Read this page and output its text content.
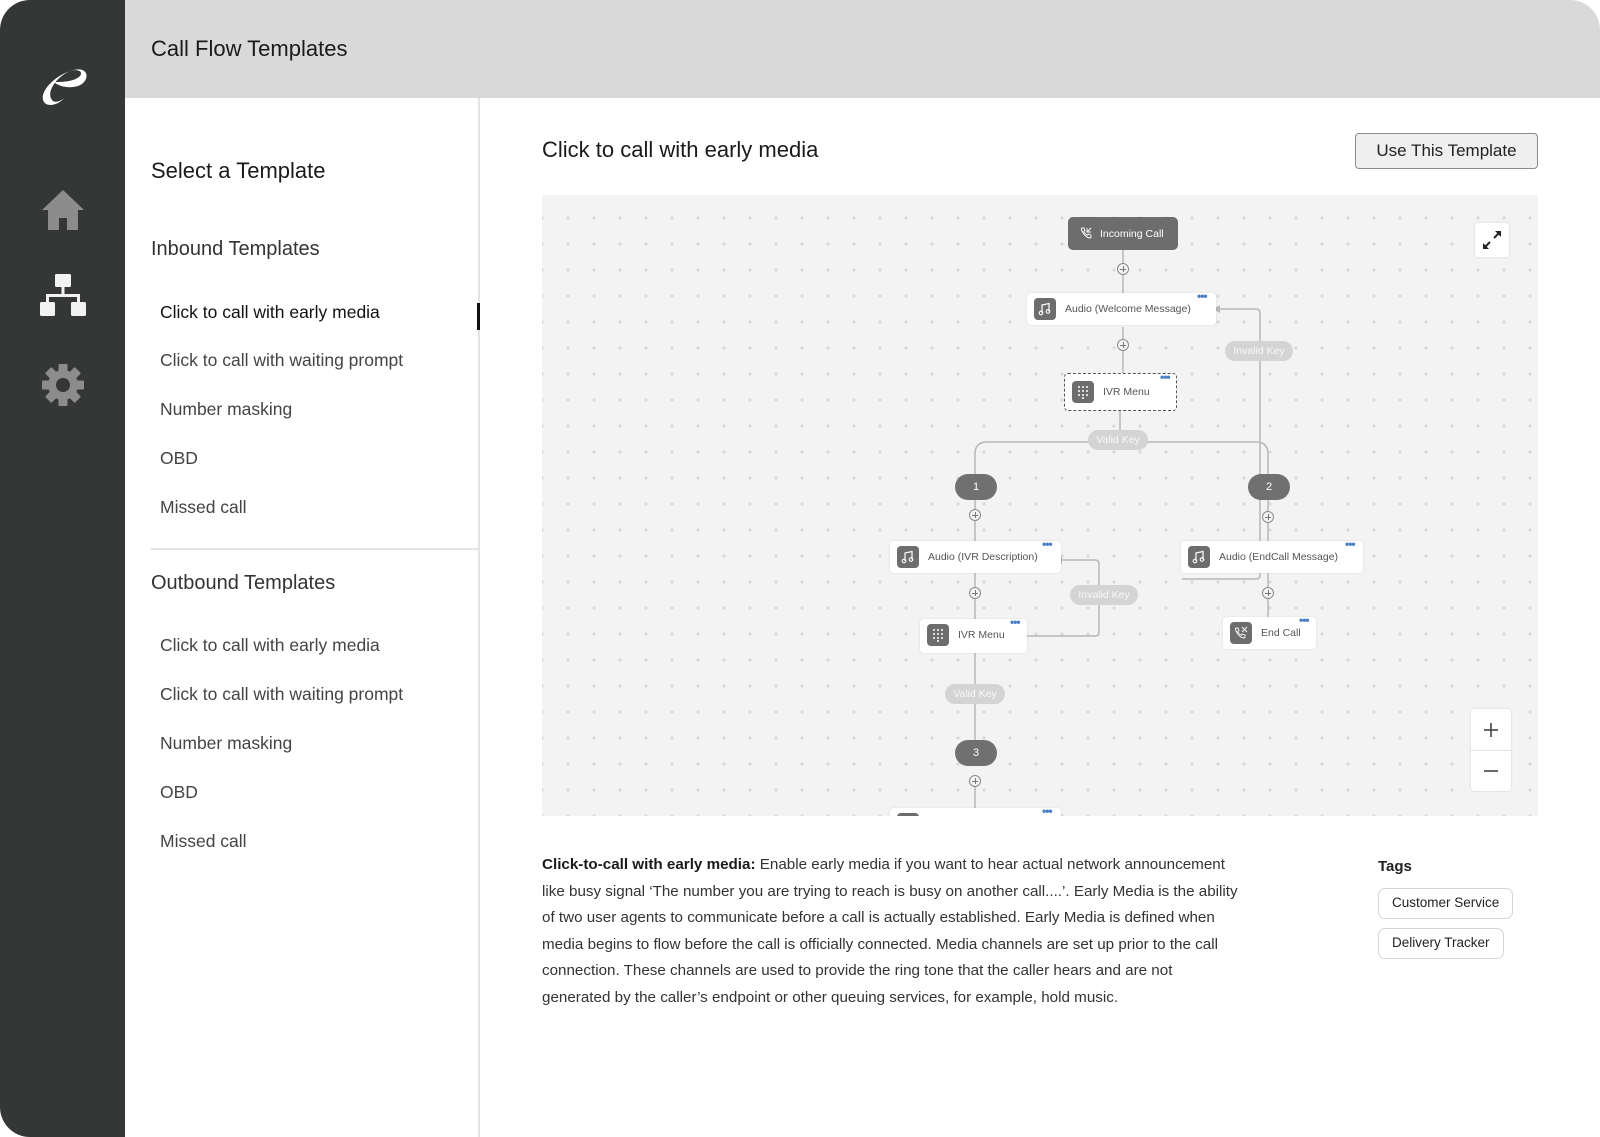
Call Flow Templates
Select a Template
Inbound Templates
Click to call with early media
Click to call with waiting prompt
Number masking
OBD
Missed call
Outbound Templates
Click to call with early media
Click to call with waiting prompt
Number masking
OBD
Missed call
Click to call with early media	Use This Template
Incoming Call
Audio (Welcome Message)
•••
Invalid Key
IVR Menu
•••
Valid Key
1	2
Audio (IVR Description)
•••
Audio (EndCall Message)
•••
Invalid Key
IVR Menu
•••
End Call
•••
Valid Key
3
•••

Click-to-call with early media: Enable early media if you want to hear actual network announcement like busy signal ‘The number you are trying to reach is busy on another call....’. Early Media is the ability of two user agents to communicate before a call is actually established. Early Media is defined when media begins to flow before the call is officially connected. Media channels are set up prior to the call connection. These channels are used to provide the ring tone that the caller hears and are not generated by the caller’s endpoint or other queuing services, for example, hold music.

Tags
Customer Service
Delivery Tracker
